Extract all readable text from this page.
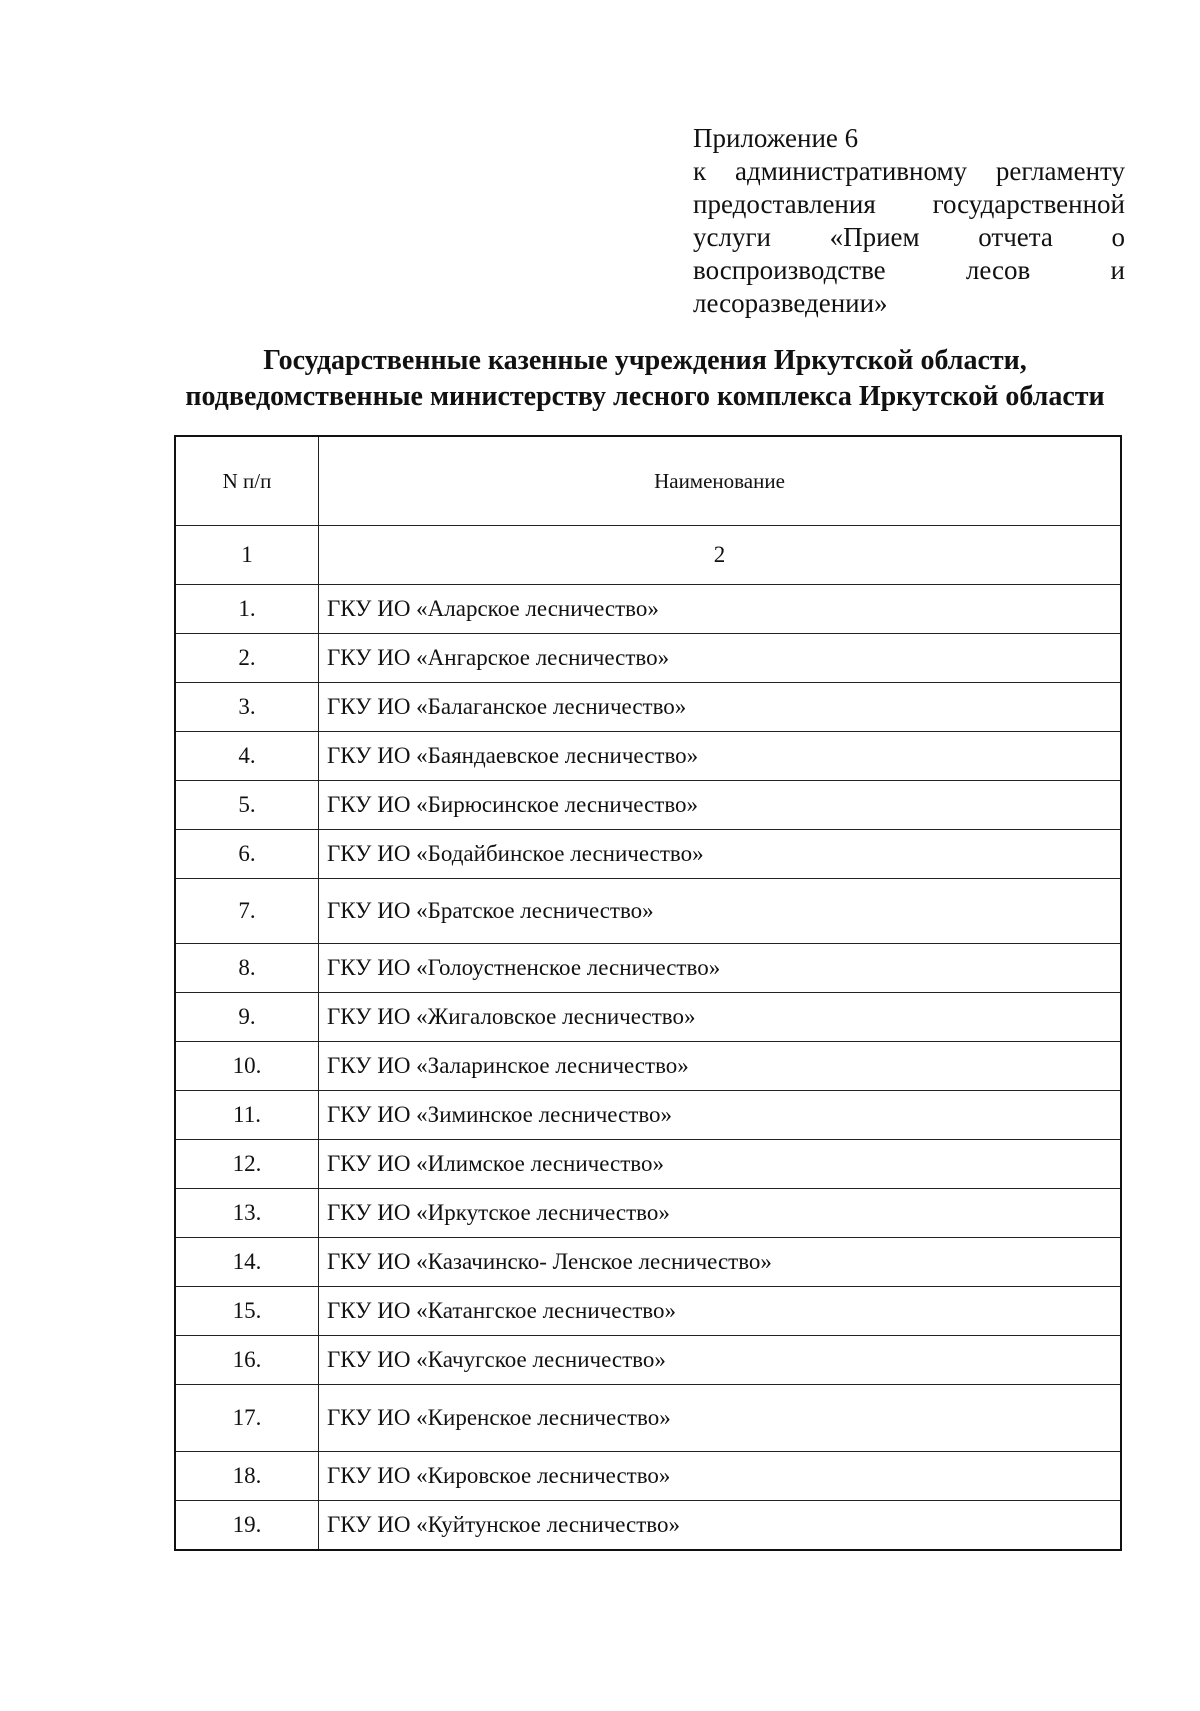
Приложение 6
к административному регламенту
предоставления государственной
услуги «Прием отчета о
воспроизводстве лесов и
лесоразведении»
Государственные казенные учреждения Иркутской области,
подведомственные министерству лесного комплекса Иркутской области
N п/п	Наименование
1	2
1.	ГКУ ИО «Аларское лесничество»
2.	ГКУ ИО «Ангарское лесничество»
3.	ГКУ ИО «Балаганское лесничество»
4.	ГКУ ИО «Баяндаевское лесничество»
5.	ГКУ ИО «Бирюсинское лесничество»
6.	ГКУ ИО «Бодайбинское лесничество»
7.	ГКУ ИО «Братское лесничество»
8.	ГКУ ИО «Голоустненское лесничество»
9.	ГКУ ИО «Жигаловское лесничество»
10.	ГКУ ИО «Заларинское лесничество»
11.	ГКУ ИО «Зиминское лесничество»
12.	ГКУ ИО «Илимское лесничество»
13.	ГКУ ИО «Иркутское лесничество»
14.	ГКУ ИО «Казачинско- Ленское лесничество»
15.	ГКУ ИО «Катангское лесничество»
16.	ГКУ ИО «Качугское лесничество»
17.	ГКУ ИО «Киренское лесничество»
18.	ГКУ ИО «Кировское лесничество»
19.	ГКУ ИО «Куйтунское лесничество»
